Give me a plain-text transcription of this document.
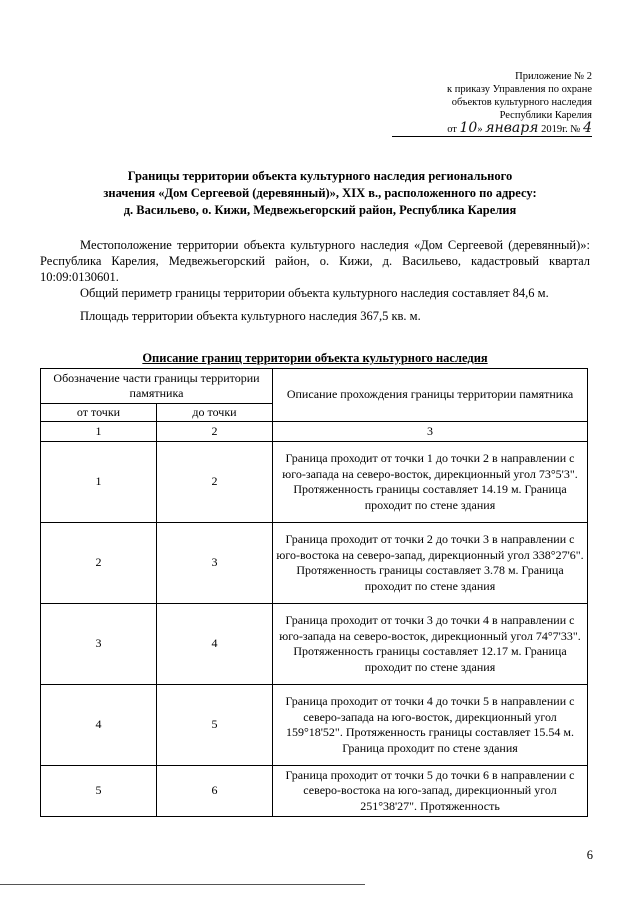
Приложение № 2
к приказу Управления по охране
объектов культурного наследия
Республики Карелия
от 10» января 2019г. № 4
Границы территории объекта культурного наследия регионального
значения «Дом Сергеевой (деревянный)», XIX в., расположенного по адресу:
д. Васильево, о. Кижи, Медвежьегорский район, Республика Карелия

Местоположение территории объекта культурного наследия «Дом Сергеевой (деревянный)»: Республика Карелия, Медвежьегорский район, о. Кижи, д. Васильево, кадастровый квартал 10:09:0130601.

Общий периметр границы территории объекта культурного наследия составляет 84,6 м.

Площадь территории объекта культурного наследия 367,5 кв. м.

Описание границ территории объекта культурного наследия
Обозначение части границы территории памятника		Описание прохождения границы территории памятника
от точки	до точки	
1	2	3
1	2	Граница проходит от точки 1 до точки 2 в направлении с юго-запада на северо-восток, дирекционный угол 73°5'3". Протяженность границы составляет 14.19 м. Граница проходит по стене здания
2	3	Граница проходит от точки 2 до точки 3 в направлении с юго-востока на северо-запад, дирекционный угол 338°27'6". Протяженность границы составляет 3.78 м. Граница проходит по стене здания
3	4	Граница проходит от точки 3 до точки 4 в направлении с юго-запада на северо-восток, дирекционный угол 74°7'33". Протяженность границы составляет 12.17 м. Граница проходит по стене здания
4	5	Граница проходит от точки 4 до точки 5 в направлении с северо-запада на юго-восток, дирекционный угол 159°18'52". Протяженность границы составляет 15.54 м. Граница проходит по стене здания
5	6	Граница проходит от точки 5 до точки 6 в направлении с северо-востока на юго-запад, дирекционный угол 251°38'27". Протяженность
6
